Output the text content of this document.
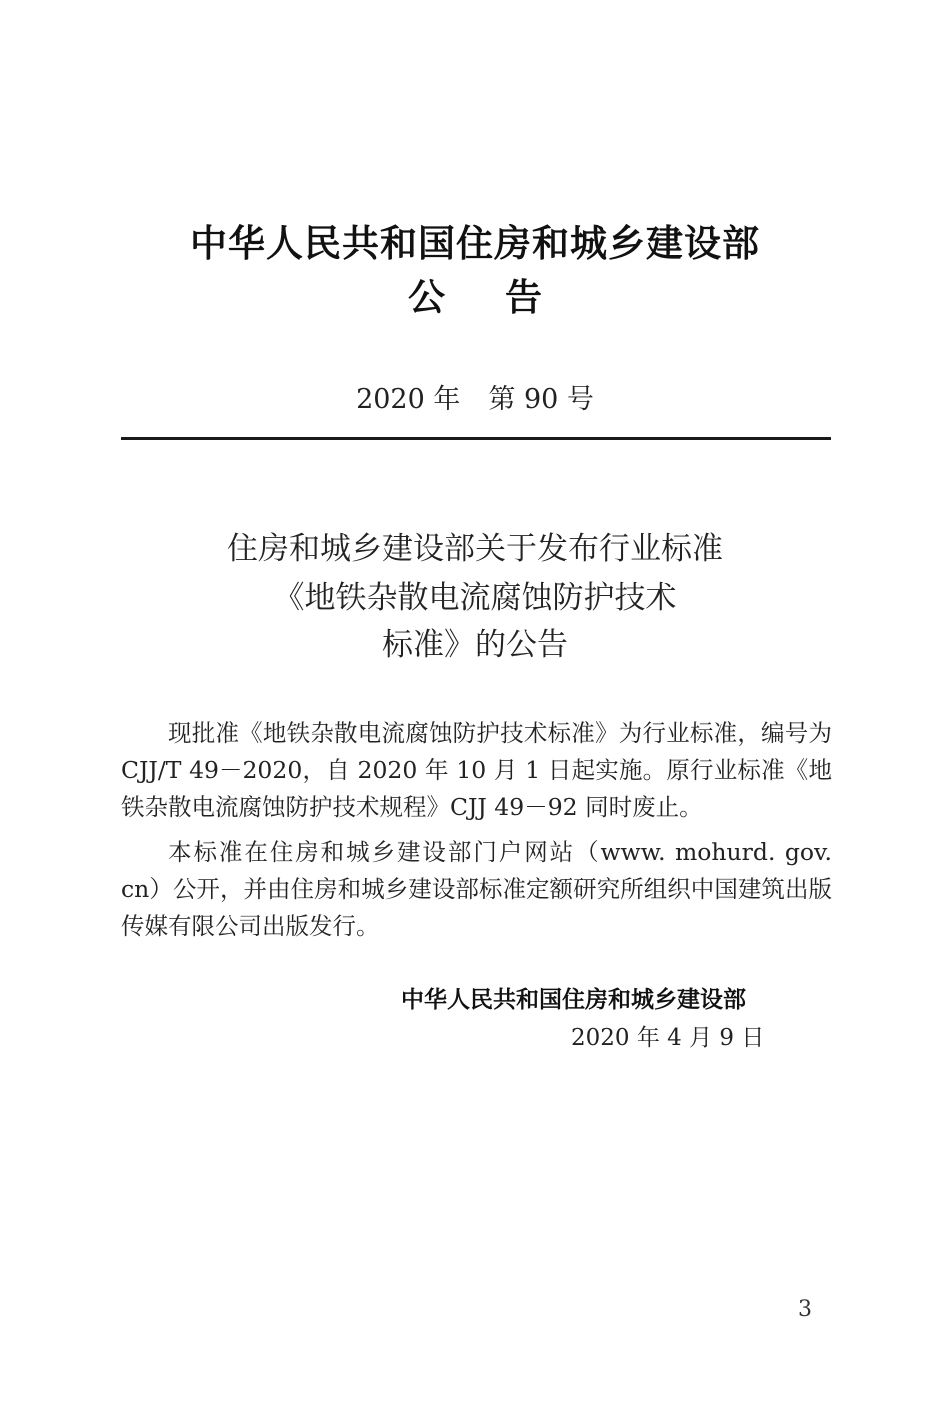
中华人民共和国住房和城乡建设部
公 告
2020 年 第 90 号
住房和城乡建设部关于发布行业标准
《地铁杂散电流腐蚀防护技术
标准》的公告
现批准《地铁杂散电流腐蚀防护技术标准》为行业标准，编号为 CJJ/T 49－2020，自 2020 年 10 月 1 日起实施。原行业标准《地铁杂散电流腐蚀防护技术规程》CJJ 49－92 同时废止。
本标准在住房和城乡建设部门户网站（www. mohurd. gov. cn）公开，并由住房和城乡建设部标准定额研究所组织中国建筑出版传媒有限公司出版发行。
中华人民共和国住房和城乡建设部
2020 年 4 月 9 日
3
